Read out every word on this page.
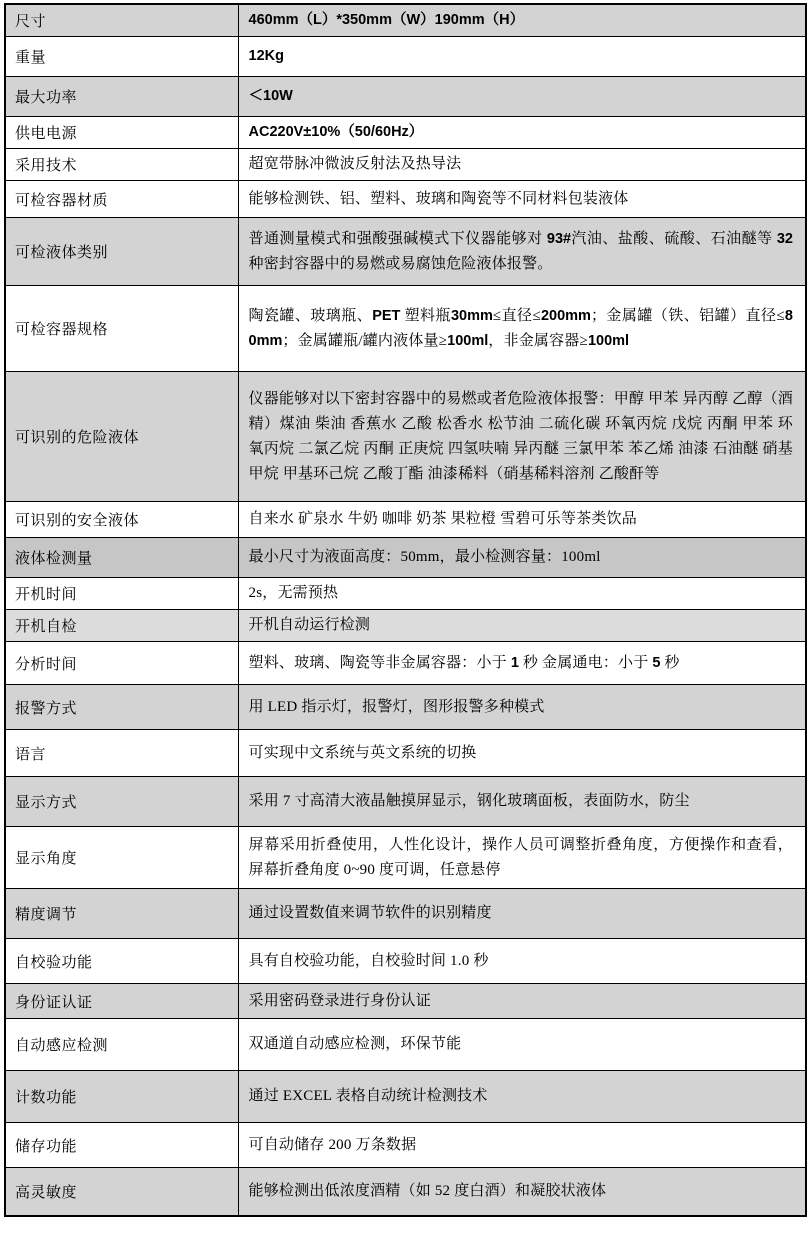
尺寸	460mm（L）*350mm（W）190mm（H）
重量	12Kg
最大功率	＜10W
供电电源	AC220V±10%（50/60Hz）
采用技术	超宽带脉冲微波反射法及热导法
可检容器材质	能够检测铁、铝、塑料、玻璃和陶瓷等不同材料包装液体
可检液体类别	普通测量模式和强酸强碱模式下仪器能够对 93#汽油、盐酸、硫酸、石油醚等 32 种密封容器中的易燃或易腐蚀危险液体报警。
可检容器规格	陶瓷罐、玻璃瓶、PET 塑料瓶30mm≤直径≤200mm；金属罐（铁、铝罐）直径≤80mm；金属罐瓶/罐内液体量≥100ml，非金属容器≥100ml
可识别的危险液体	仪器能够对以下密封容器中的易燃或者危险液体报警：甲醇 甲苯 异丙醇 乙醇（酒精）煤油 柴油 香蕉水 乙酸 松香水 松节油 二硫化碳 环氧丙烷 戊烷 丙酮 甲苯 环氧丙烷 二氯乙烷 丙酮 正庚烷 四氢呋喃 异丙醚 三氯甲苯 苯乙烯 油漆 石油醚 硝基甲烷 甲基环己烷 乙酸丁酯 油漆稀料（硝基稀料溶剂 乙酸酐等
可识别的安全液体	自来水 矿泉水 牛奶 咖啡 奶茶 果粒橙 雪碧可乐等茶类饮品
液体检测量	最小尺寸为液面高度：50mm，最小检测容量：100ml
开机时间	2s，无需预热
开机自检	开机自动运行检测
分析时间	塑料、玻璃、陶瓷等非金属容器：小于 1 秒 金属通电：小于 5 秒
报警方式	用 LED 指示灯，报警灯，图形报警多种模式
语言	可实现中文系统与英文系统的切换
显示方式	采用 7 寸高清大液晶触摸屏显示，钢化玻璃面板，表面防水，防尘
显示角度	屏幕采用折叠使用，人性化设计，操作人员可调整折叠角度，方便操作和查看，屏幕折叠角度 0~90 度可调，任意悬停
精度调节	通过设置数值来调节软件的识别精度
自校验功能	具有自校验功能，自校验时间 1.0 秒
身份证认证	采用密码登录进行身份认证
自动感应检测	双通道自动感应检测，环保节能
计数功能	通过 EXCEL 表格自动统计检测技术
储存功能	可自动储存 200 万条数据
高灵敏度	能够检测出低浓度酒精（如 52 度白酒）和凝胶状液体
